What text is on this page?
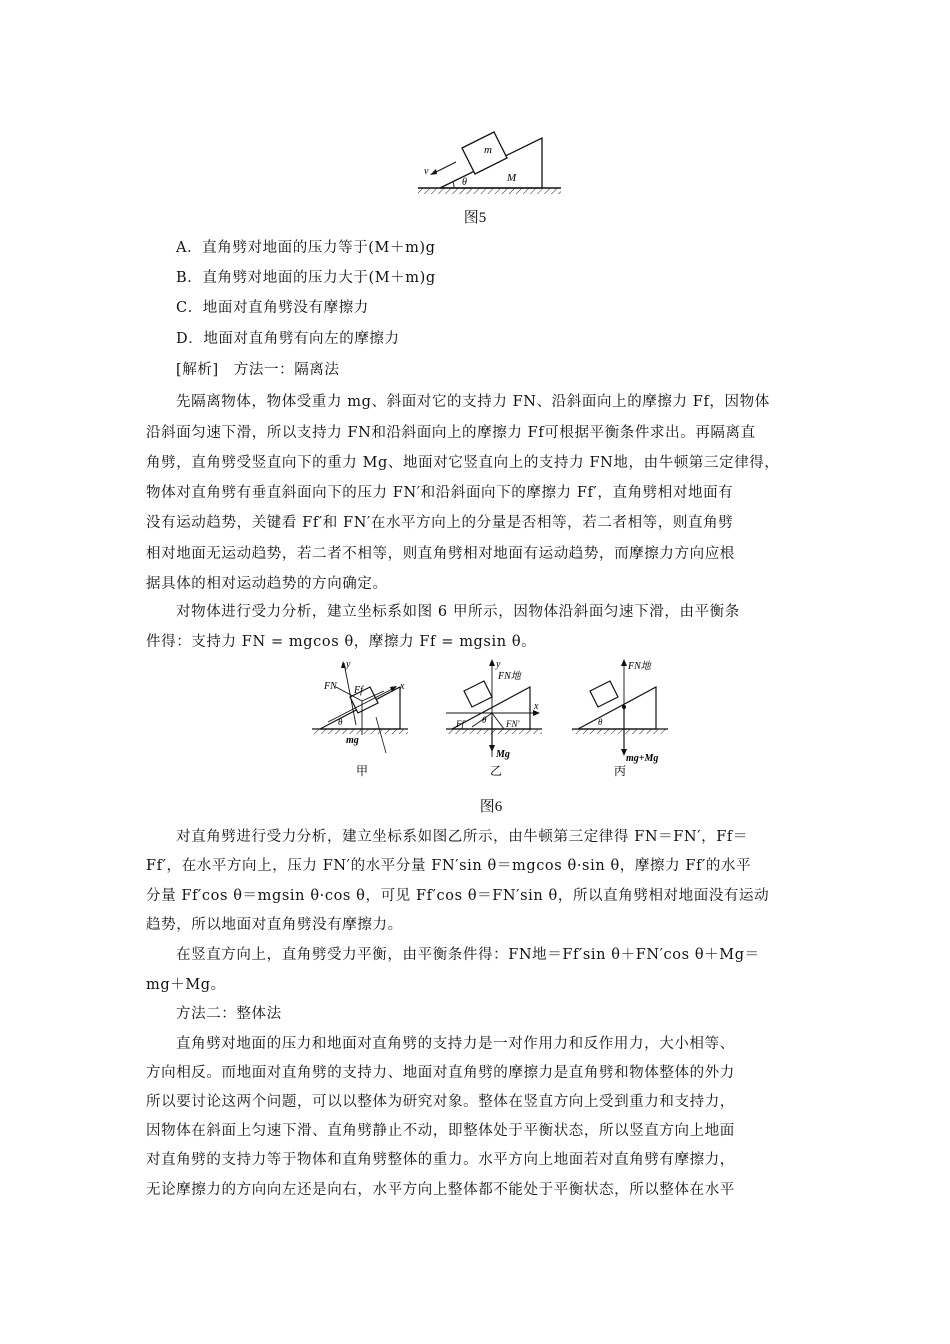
m
M
v
θ
图5
A．直角劈对地面的压力等于(M＋m)g
B．直角劈对地面的压力大于(M＋m)g
C．地面对直角劈没有摩擦力
D．地面对直角劈有向左的摩擦力
[解析]　方法一：隔离法
先隔离物体，物体受重力 mg、斜面对它的支持力 FN、沿斜面向上的摩擦力 Ff，因物体
沿斜面匀速下滑，所以支持力 FN和沿斜面向上的摩擦力 Ff可根据平衡条件求出。再隔离直
角劈，直角劈受竖直向下的重力 Mg、地面对它竖直向上的支持力 FN地，由牛顿第三定律得，
物体对直角劈有垂直斜面向下的压力 FN′和沿斜面向下的摩擦力 Ff′，直角劈相对地面有
没有运动趋势，关键看 Ff′和 FN′在水平方向上的分量是否相等，若二者相等，则直角劈
相对地面无运动趋势，若二者不相等，则直角劈相对地面有运动趋势，而摩擦力方向应根
据具体的相对运动趋势的方向确定。
对物体进行受力分析，建立坐标系如图 6 甲所示，因物体沿斜面匀速下滑，由平衡条
件得：支持力 FN = mgcos θ，摩擦力 Ff = mgsin θ。
y
x
FN Ff
mg
θ
甲
y
x
FN地
Ff′	FN′
Mg
θ
乙
FN地
mg+Mg
θ
丙
图6
对直角劈进行受力分析，建立坐标系如图乙所示，由牛顿第三定律得 FN＝FN′，Ff＝
Ff′，在水平方向上，压力 FN′的水平分量 FN′sin θ＝mgcos θ·sin θ，摩擦力 Ff′的水平
分量 Ff′cos θ＝mgsin θ·cos θ，可见 Ff′cos θ＝FN′sin θ，所以直角劈相对地面没有运动
趋势，所以地面对直角劈没有摩擦力。
在竖直方向上，直角劈受力平衡，由平衡条件得：FN地＝Ff′sin θ＋FN′cos θ＋Mg＝
mg＋Mg。
方法二：整体法
直角劈对地面的压力和地面对直角劈的支持力是一对作用力和反作用力，大小相等、
方向相反。而地面对直角劈的支持力、地面对直角劈的摩擦力是直角劈和物体整体的外力
所以要讨论这两个问题，可以以整体为研究对象。整体在竖直方向上受到重力和支持力，
因物体在斜面上匀速下滑、直角劈静止不动，即整体处于平衡状态，所以竖直方向上地面
对直角劈的支持力等于物体和直角劈整体的重力。水平方向上地面若对直角劈有摩擦力，
无论摩擦力的方向向左还是向右，水平方向上整体都不能处于平衡状态，所以整体在水平
